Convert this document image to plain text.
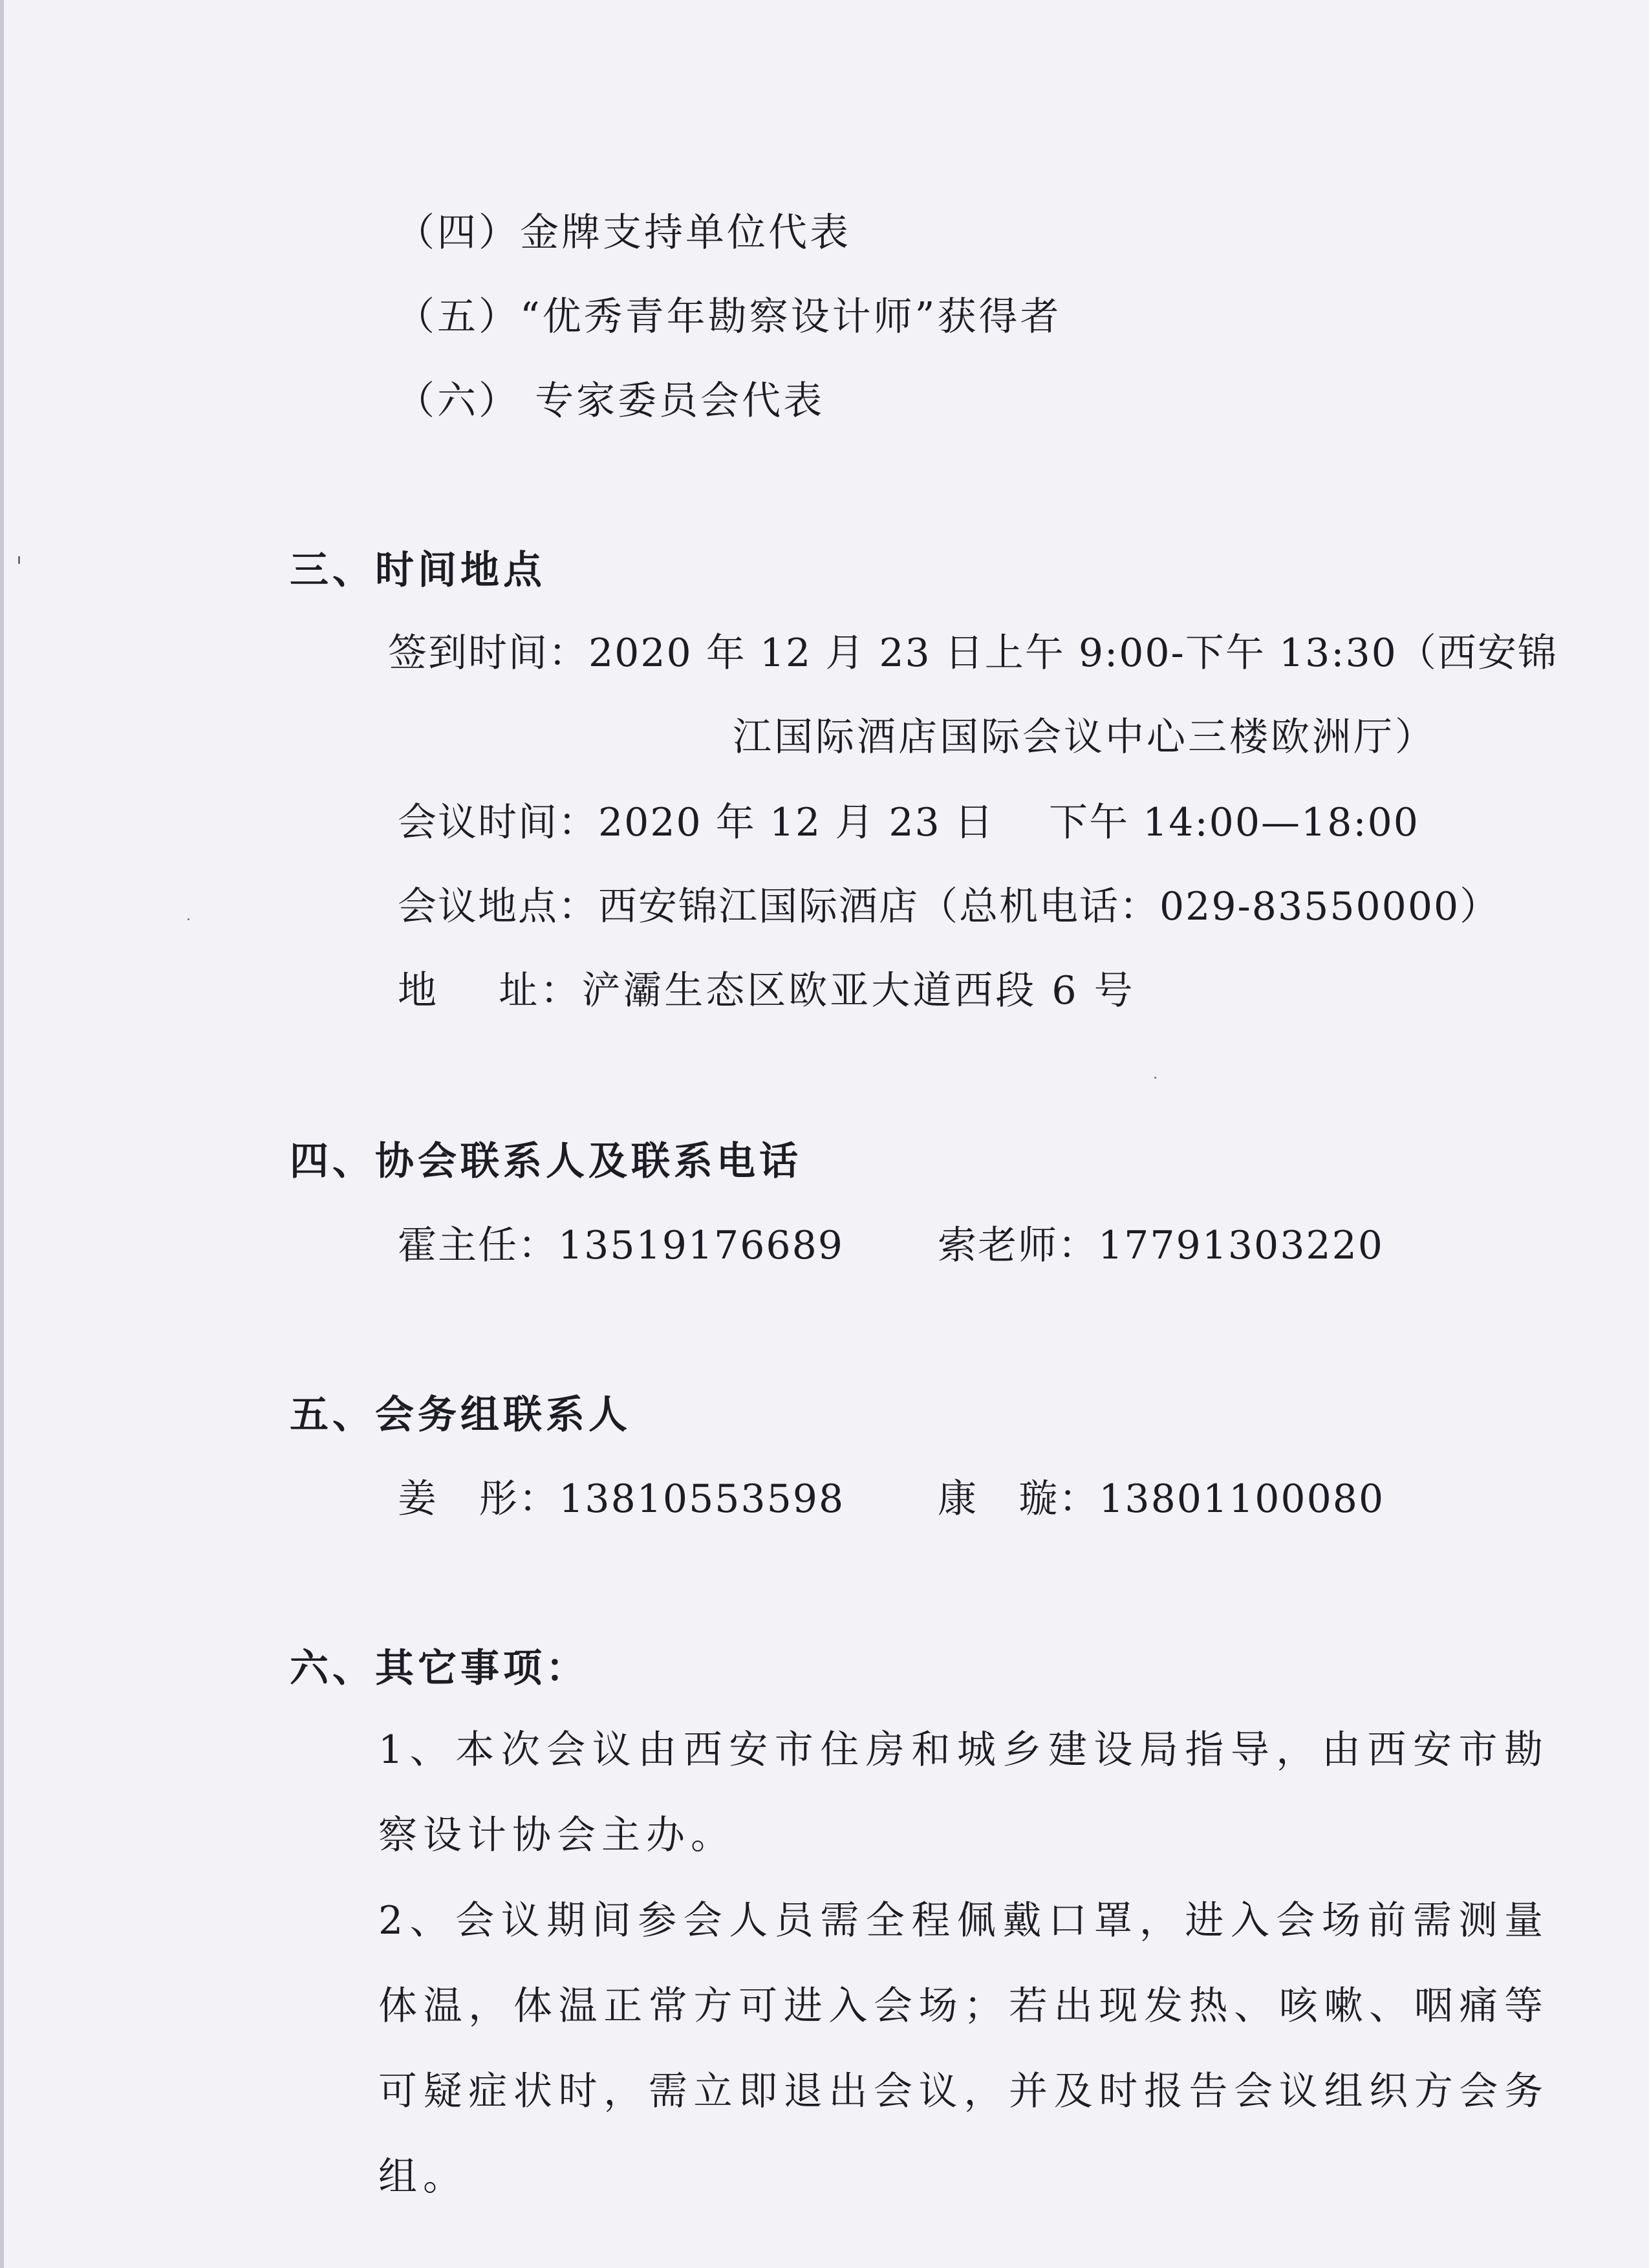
（四）金牌支持单位代表
（五）“优秀青年勘察设计师”获得者
（六） 专家委员会代表
三、时间地点
签到时间：2020 年 12 月 23 日上午 9:00-下午 13:30（西安锦
江国际酒店国际会议中心三楼欧洲厅）
会议时间：2020 年 12 月 23 日    下午 14:00—18:00
会议地点：西安锦江国际酒店（总机电话：029-83550000）
地    址：浐灞生态区欧亚大道西段 6 号
四、协会联系人及联系电话
霍主任：13519176689 索老师：17791303220
五、会务组联系人
姜   彤：13810553598 康   璇：13801100080
六、其它事项：
1、本次会议由西安市住房和城乡建设局指导，由西安市勘察设计协会主办。
2、会议期间参会人员需全程佩戴口罩，进入会场前需测量体温，体温正常方可进入会场；若出现发热、咳嗽、咽痛等可疑症状时，需立即退出会议，并及时报告会议组织方会务组。
